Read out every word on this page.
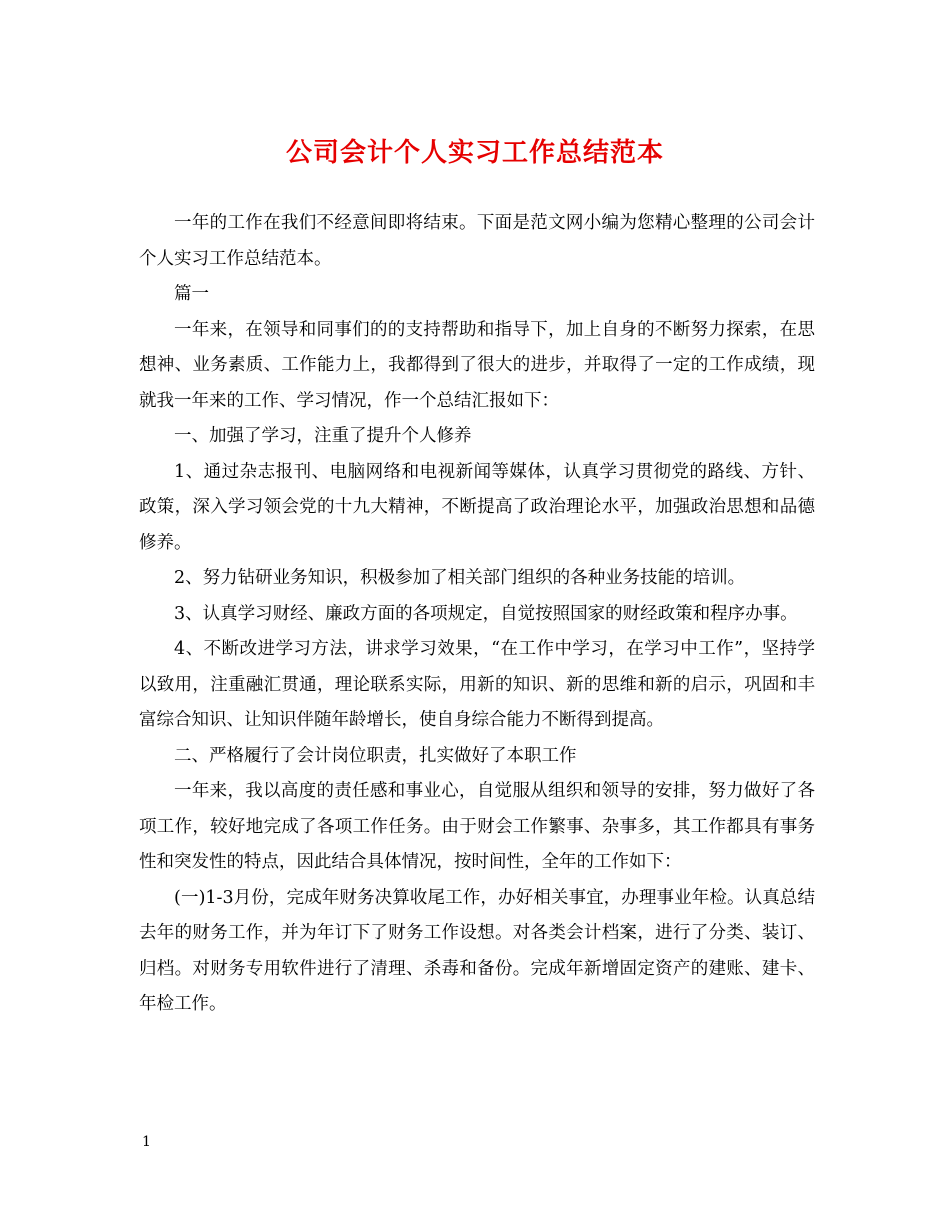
公司会计个人实习工作总结范本

一年的工作在我们不经意间即将结束。下面是范文网小编为您精心整理的公司会计个人实习工作总结范本。

篇一

一年来，在领导和同事们的的支持帮助和指导下，加上自身的不断努力探索，在思想神、业务素质、工作能力上，我都得到了很大的进步，并取得了一定的工作成绩，现就我一年来的工作、学习情况，作一个总结汇报如下：

一、加强了学习，注重了提升个人修养

1、通过杂志报刊、电脑网络和电视新闻等媒体，认真学习贯彻党的路线、方针、政策，深入学习领会党的十九大精神，不断提高了政治理论水平，加强政治思想和品德修养。

2、努力钻研业务知识，积极参加了相关部门组织的各种业务技能的培训。

3、认真学习财经、廉政方面的各项规定，自觉按照国家的财经政策和程序办事。

4、不断改进学习方法，讲求学习效果，“在工作中学习，在学习中工作”，坚持学以致用，注重融汇贯通，理论联系实际，用新的知识、新的思维和新的启示，巩固和丰富综合知识、让知识伴随年龄增长，使自身综合能力不断得到提高。

二、严格履行了会计岗位职责，扎实做好了本职工作

一年来，我以高度的责任感和事业心，自觉服从组织和领导的安排，努力做好了各项工作，较好地完成了各项工作任务。由于财会工作繁事、杂事多，其工作都具有事务性和突发性的特点，因此结合具体情况，按时间性，全年的工作如下：

(一)1-3月份，完成年财务决算收尾工作，办好相关事宜，办理事业年检。认真总结去年的财务工作，并为年订下了财务工作设想。对各类会计档案，进行了分类、装订、归档。对财务专用软件进行了清理、杀毒和备份。完成年新增固定资产的建账、建卡、年检工作。

1
